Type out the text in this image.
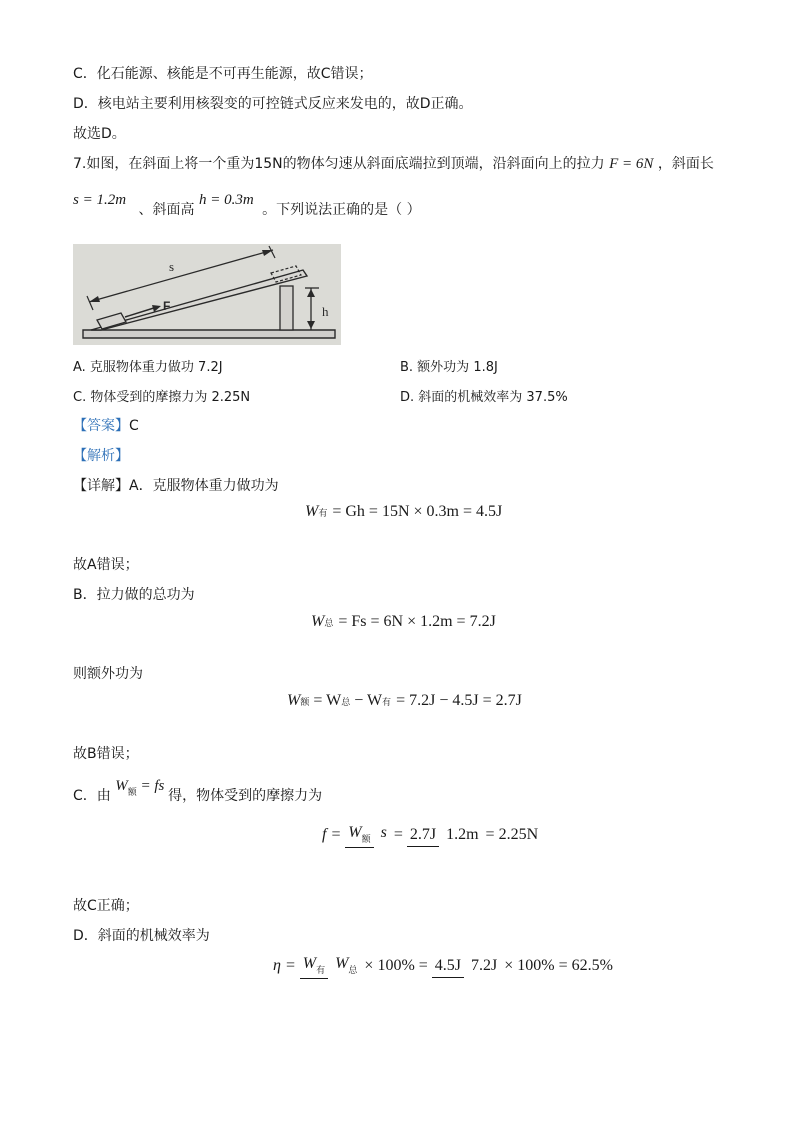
C．化石能源、核能是不可再生能源，故C错误；
D．核电站主要利用核裂变的可控链式反应来发电的，故D正确。
故选D。
7.如图，在斜面上将一个重为15N的物体匀速从斜面底端拉到顶端，沿斜面向上的拉力 F = 6N ，斜面长
s = 1.2m 、斜面高 h = 0.3m 。下列说法正确的是（ ）
s
F	h
A. 克服物体重力做功 7.2J	B. 额外功为 1.8J
C. 物体受到的摩擦力为 2.25N	D. 斜面的机械效率为 37.5%
【答案】C
【解析】
【详解】A．克服物体重力做功为
W 有 = Gh = 15N × 0.3m = 4.5J
故A错误；
B．拉力做的总功为
W 总 = Fs = 6N × 1.2m = 7.2J
则额外功为
W 额 = W 总 − W 有 = 7.2J − 4.5J = 2.7J
故B错误；
C．由 $W_额$ = fs 得，物体受到的摩擦力为
f = W额 s = 2.7J 1.2m = 2.25N
故C正确；
D．斜面的机械效率为
η = W有 W总 × 100% = 4.5J 7.2J × 100% = 62.5%
